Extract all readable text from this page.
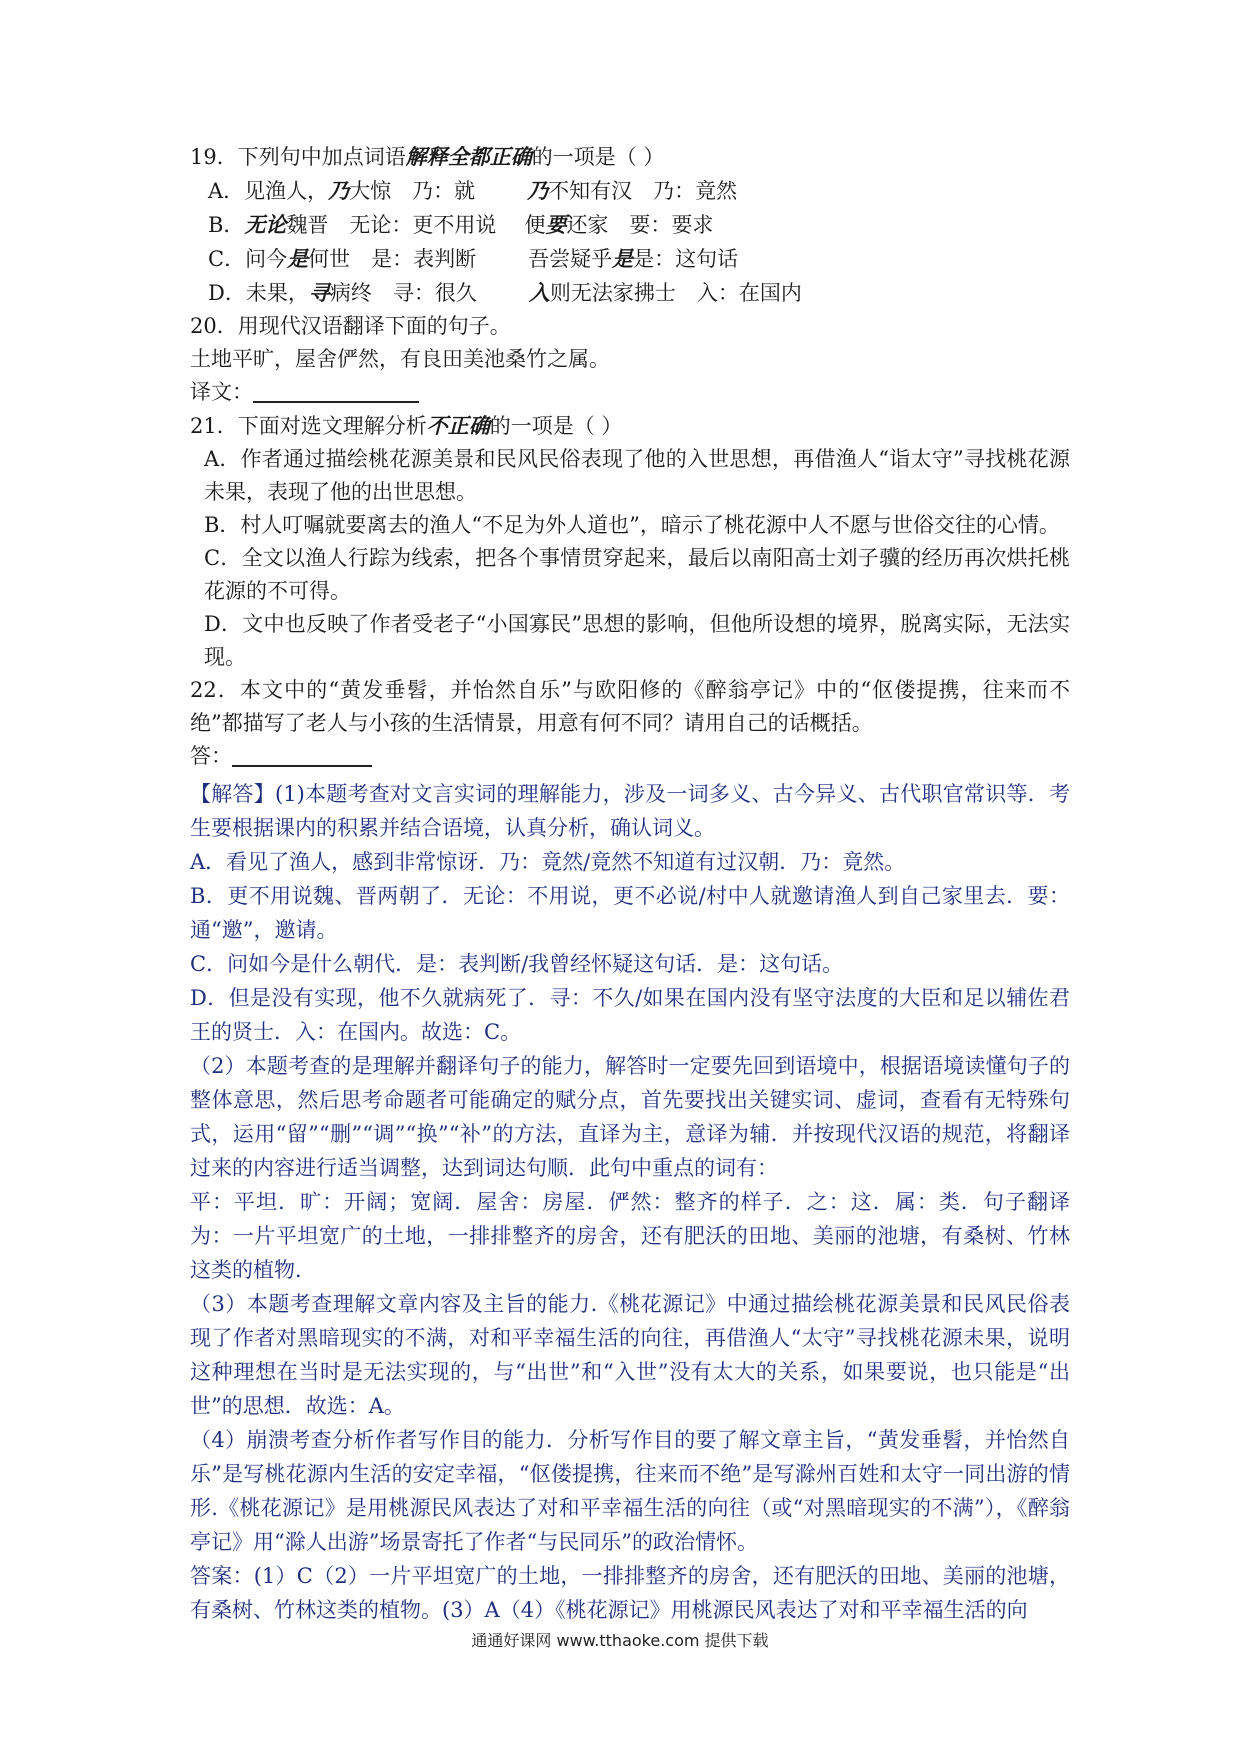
19．下列句中加点词语解释全都正确的一项是（ ）
A．见渔人，乃大惊　乃：就 乃不知有汉　乃：竟然
B．无论魏晋　无论：更不用说 便要还家　要：要求
C．问今是何世　是：表判断 吾尝疑乎是是：这句话
D．未果，寻病终　寻：很久 入则无法家拂士　入：在国内
20．用现代汉语翻译下面的句子。
土地平旷，屋舍俨然，有良田美池桑竹之属。
译文：
21．下面对选文理解分析不正确的一项是（ ）
A．作者通过描绘桃花源美景和民风民俗表现了他的入世思想，再借渔人“诣太守”寻找桃花源未果，表现了他的出世思想。
B．村人叮嘱就要离去的渔人“不足为外人道也”，暗示了桃花源中人不愿与世俗交往的心情。
C．全文以渔人行踪为线索，把各个事情贯穿起来，最后以南阳高士刘子骥的经历再次烘托桃花源的不可得。
D．文中也反映了作者受老子“小国寡民”思想的影响，但他所设想的境界，脱离实际，无法实现。
22．本文中的“黄发垂髫，并怡然自乐”与欧阳修的《醉翁亭记》中的“伛偻提携，往来而不绝”都描写了老人与小孩的生活情景，用意有何不同？请用自己的话概括。
答：
【解答】(1)本题考查对文言实词的理解能力，涉及一词多义、古今异义、古代职官常识等．考生要根据课内的积累并结合语境，认真分析，确认词义。
A．看见了渔人，感到非常惊讶．乃：竟然/竟然不知道有过汉朝．乃：竟然。
B．更不用说魏、晋两朝了．无论：不用说，更不必说/村中人就邀请渔人到自己家里去．要：通“邀”，邀请。
C．问如今是什么朝代．是：表判断/我曾经怀疑这句话．是：这句话。
D．但是没有实现，他不久就病死了．寻：不久/如果在国内没有坚守法度的大臣和足以辅佐君王的贤士．入：在国内。故选：C。
（2）本题考查的是理解并翻译句子的能力，解答时一定要先回到语境中，根据语境读懂句子的整体意思，然后思考命题者可能确定的赋分点，首先要找出关键实词、虚词，查看有无特殊句式，运用“留”“删”“调”“换”“补”的方法，直译为主，意译为辅．并按现代汉语的规范，将翻译过来的内容进行适当调整，达到词达句顺．此句中重点的词有：
平：平坦．旷：开阔；宽阔．屋舍：房屋．俨然：整齐的样子．之：这．属：类．句子翻译为：一片平坦宽广的土地，一排排整齐的房舍，还有肥沃的田地、美丽的池塘，有桑树、竹林这类的植物．
（3）本题考查理解文章内容及主旨的能力.《桃花源记》中通过描绘桃花源美景和民风民俗表现了作者对黑暗现实的不满，对和平幸福生活的向往，再借渔人“太守”寻找桃花源未果，说明这种理想在当时是无法实现的，与“出世”和“入世”没有太大的关系，如果要说，也只能是“出世”的思想．故选：A。
（4）崩溃考查分析作者写作目的能力．分析写作目的要了解文章主旨，“黄发垂髫，并怡然自乐”是写桃花源内生活的安定幸福，“伛偻提携，往来而不绝”是写滁州百姓和太守一同出游的情形.《桃花源记》是用桃源民风表达了对和平幸福生活的向往（或“对黑暗现实的不满”），《醉翁亭记》用“滁人出游”场景寄托了作者“与民同乐”的政治情怀。
答案：(1）C（2）一片平坦宽广的土地，一排排整齐的房舍，还有肥沃的田地、美丽的池塘，有桑树、竹林这类的植物。(3）A（4）《桃花源记》用桃源民风表达了对和平幸福生活的向
通通好课网 www.tthaoke.com 提供下载
